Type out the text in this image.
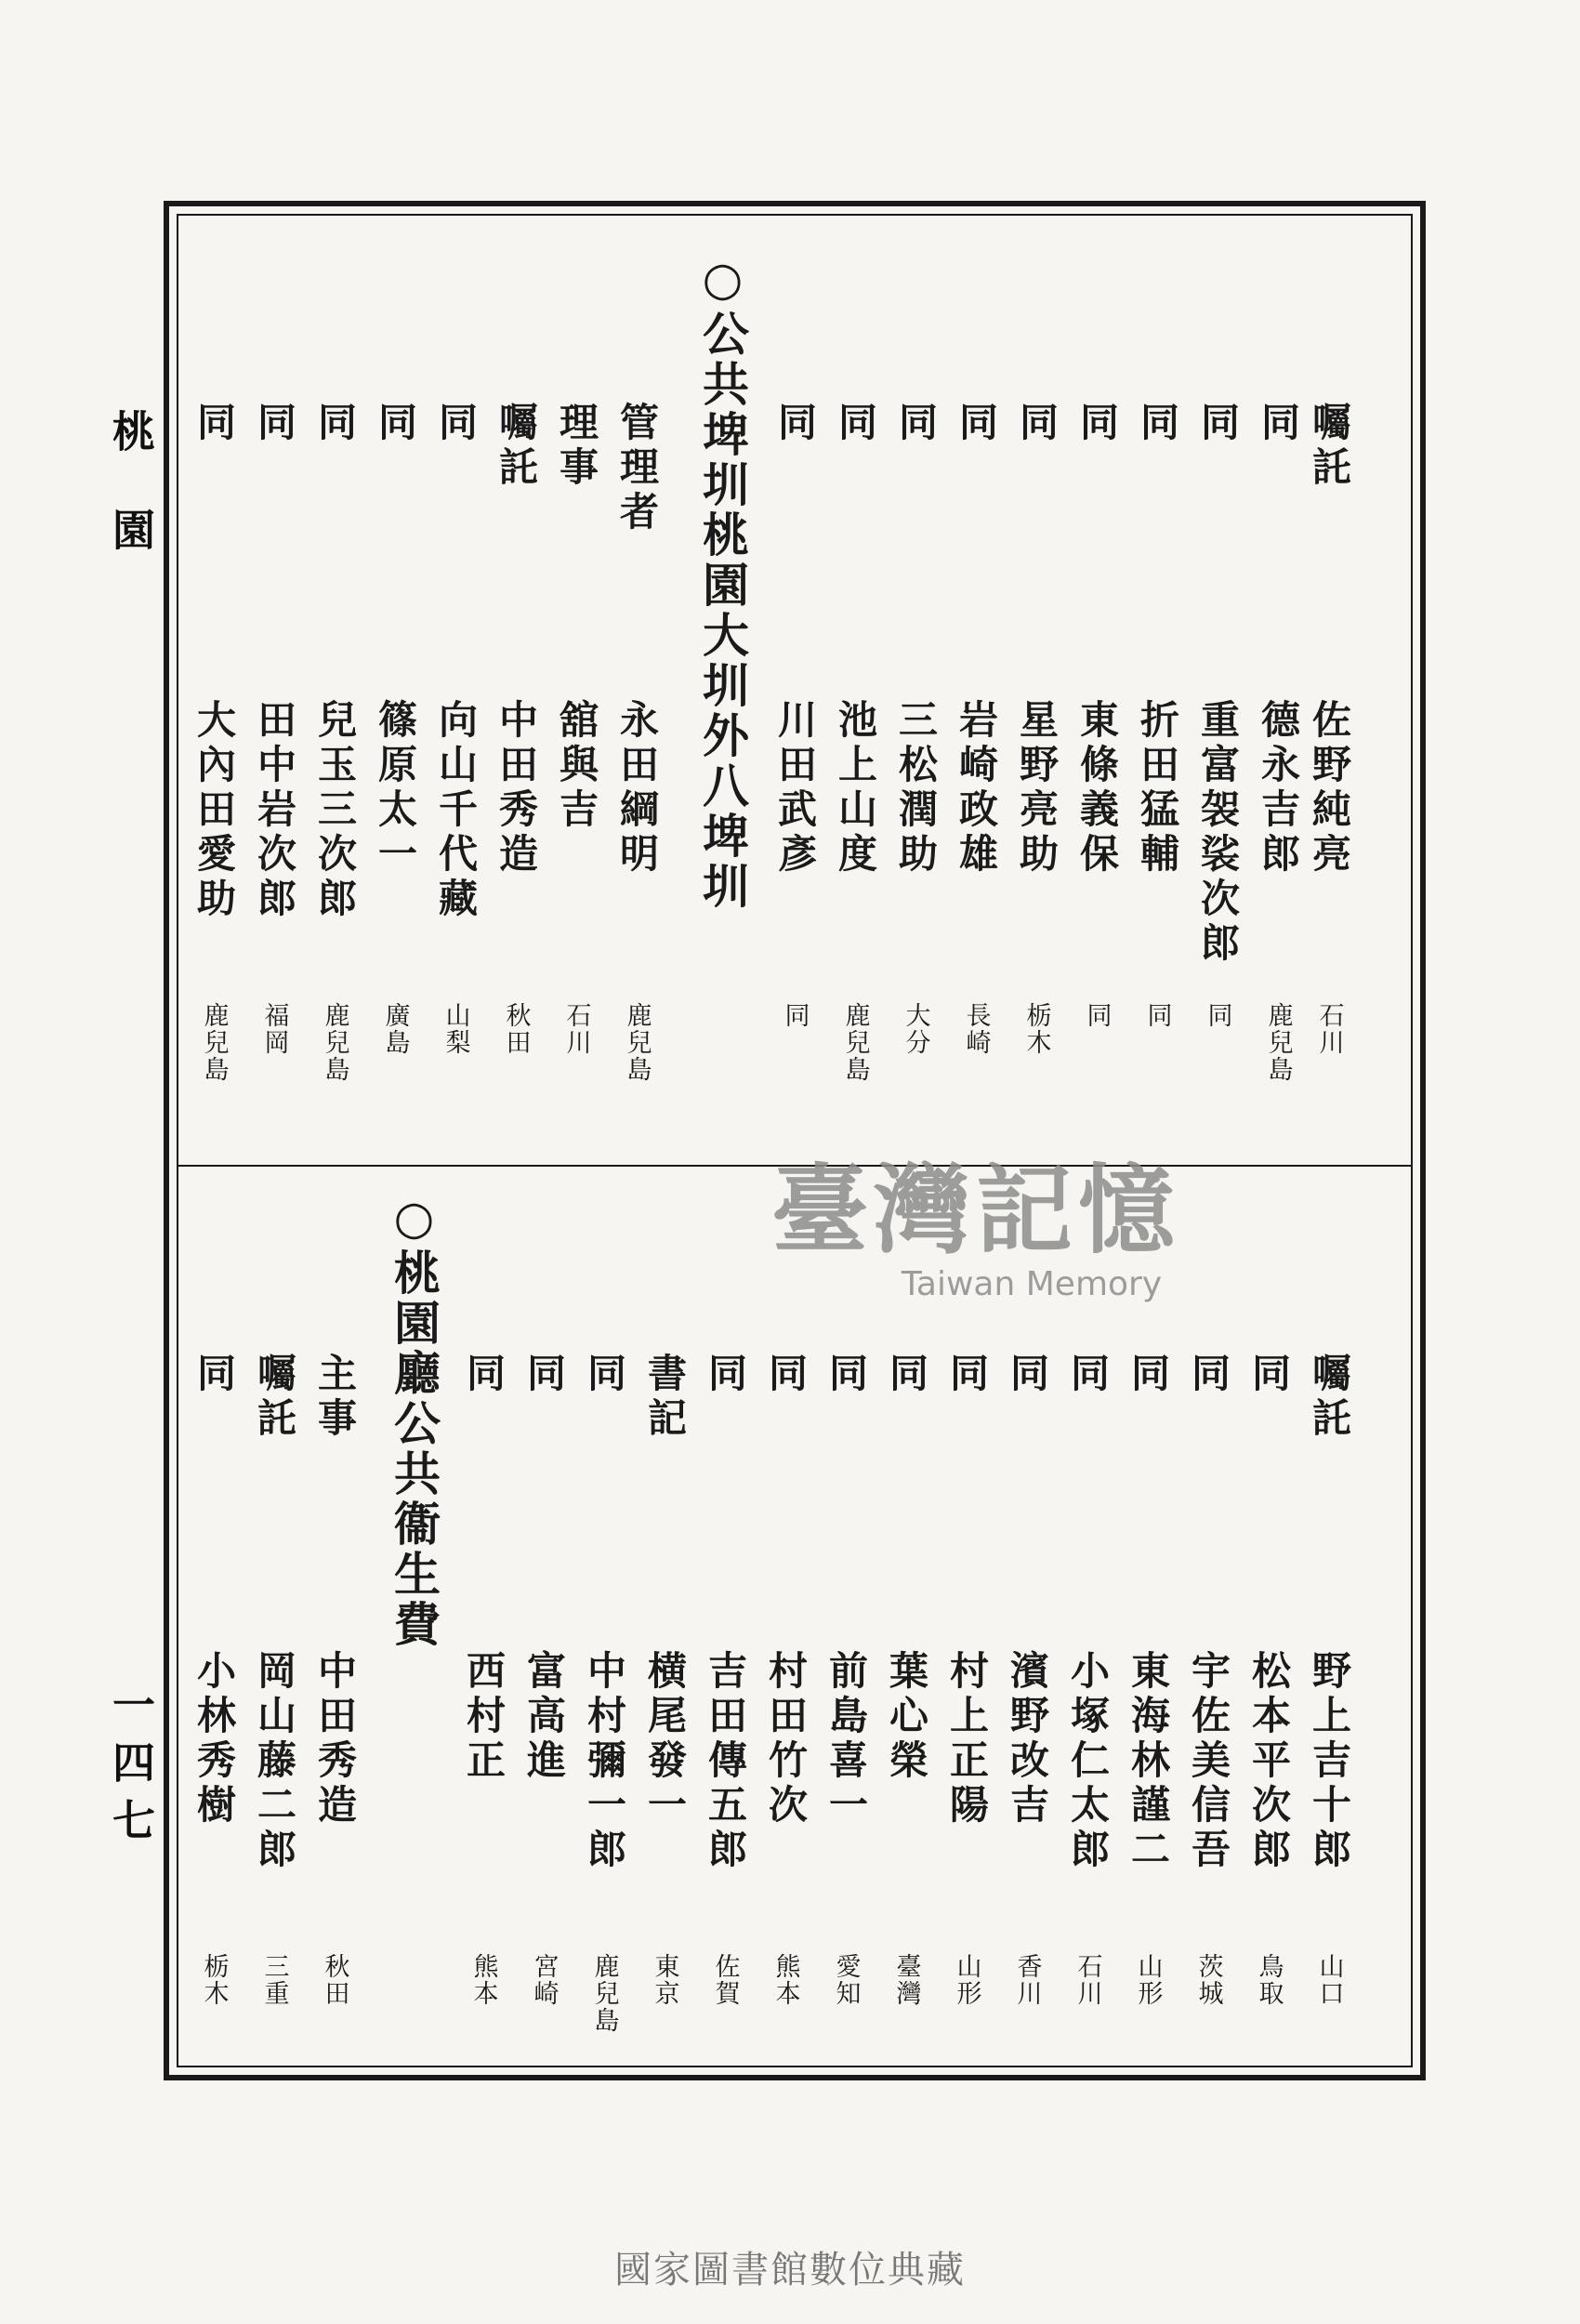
桃園
一四七
○公共埤圳桃園大圳外八埤圳
○桃園廳公共衞生費
囑託
佐野純亮
石川
同
德永吉郎
鹿兒島
同
重富袈裟次郎
同
同
折田猛輔
同
同
東條義保
同
同
星野亮助
栃木
同
岩崎政雄
長崎
同
三松潤助
大分
同
池上山度
鹿兒島
同
川田武彥
同
管理者
永田綱明
鹿兒島
理事
舘與吉
石川
囑託
中田秀造
秋田
同
向山千代藏
山梨
同
篠原太一
廣島
同
兒玉三次郎
鹿兒島
同
田中岩次郎
福岡
同
大內田愛助
鹿兒島
囑託
野上吉十郎
山口
同
松本平次郎
鳥取
同
宇佐美信吾
茨城
同
東海林謹二
山形
同
小塚仁太郎
石川
同
濱野改吉
香川
同
村上正陽
山形
同
葉心榮
臺灣
同
前島喜一
愛知
同
村田竹次
熊本
同
吉田傳五郎
佐賀
書記
横尾發一
東京
同
中村彌一郎
鹿兒島
同
富高進
宮崎
同
西村正
熊本
主事
中田秀造
秋田
囑託
岡山藤二郎
三重
同
小林秀樹
栃木
臺灣記憶
Taiwan Memory
國家圖書館數位典藏
